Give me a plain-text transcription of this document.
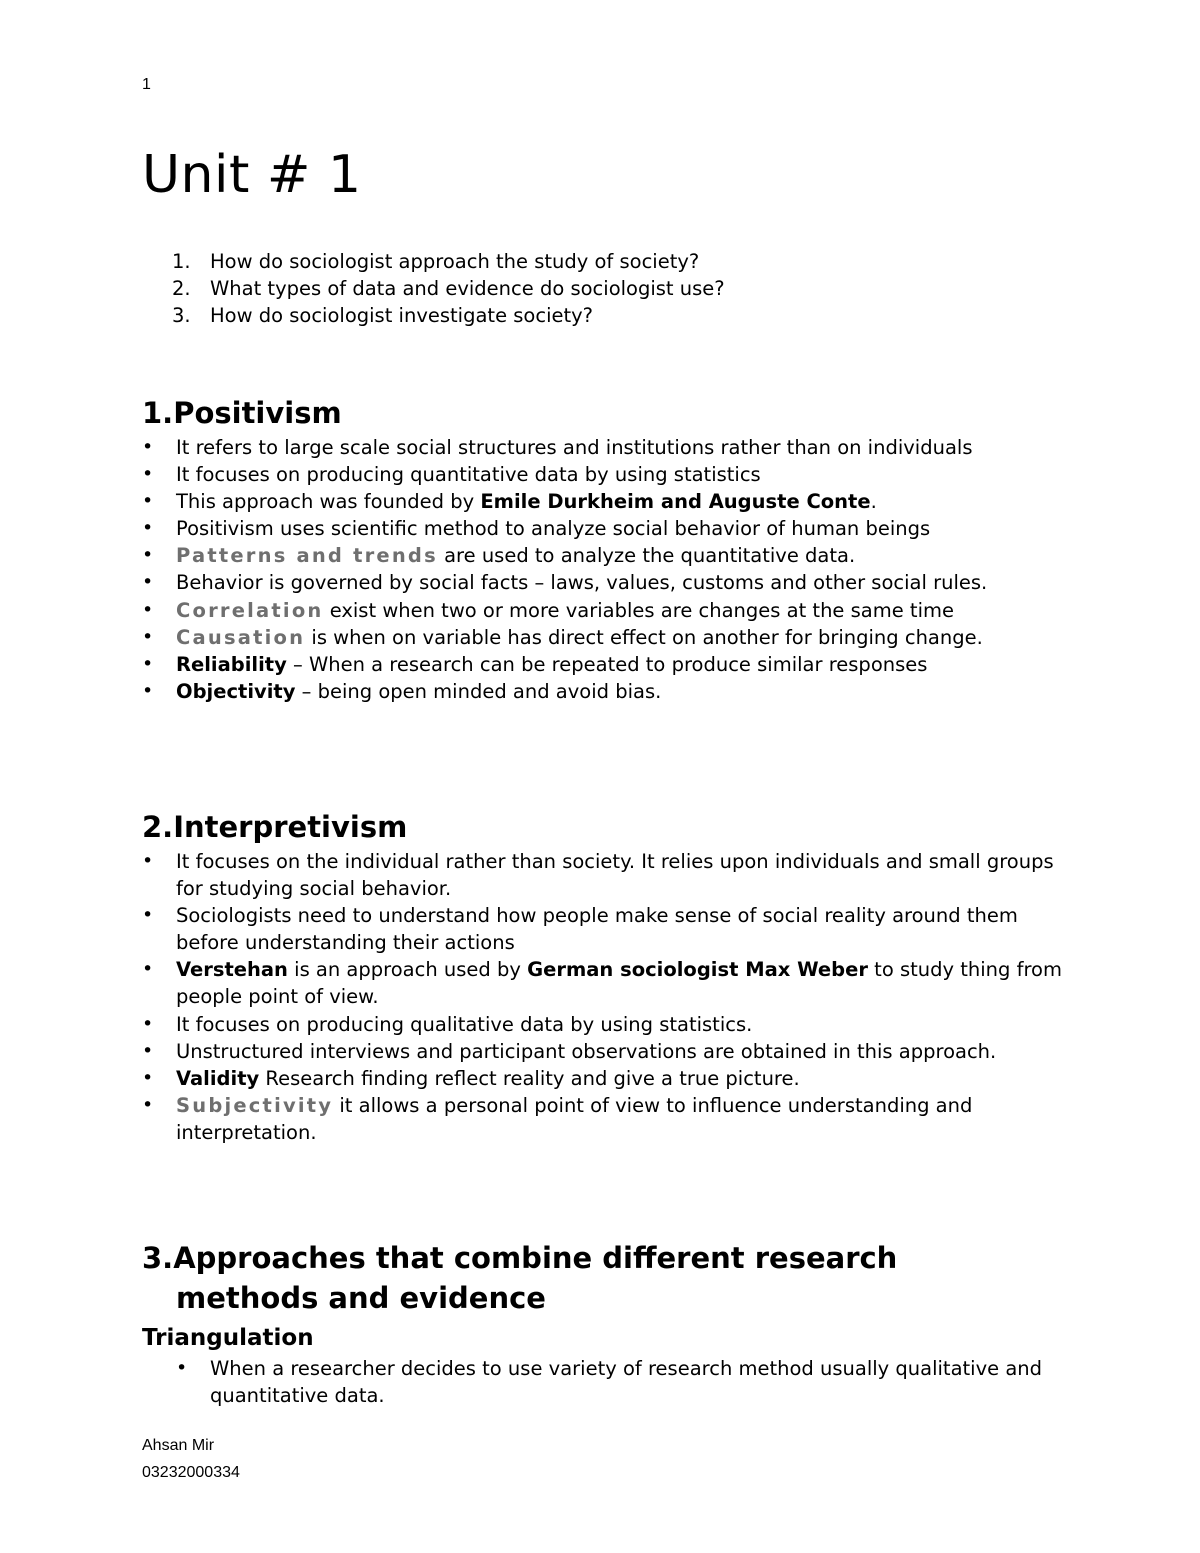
1
Unit # 1
1. How do sociologist approach the study of society?
2. What types of data and evidence do sociologist use?
3. How do sociologist investigate society?
1.Positivism
• It refers to large scale social structures and institutions rather than on individuals
• It focuses on producing quantitative data by using statistics
• This approach was founded by Emile Durkheim and Auguste Conte.
• Positivism uses scientific method to analyze social behavior of human beings
• Patterns and trends are used to analyze the quantitative data.
• Behavior is governed by social facts – laws, values, customs and other social rules.
• Correlation exist when two or more variables are changes at the same time
• Causation is when on variable has direct effect on another for bringing change.
• Reliability – When a research can be repeated to produce similar responses
• Objectivity – being open minded and avoid bias.
2.Interpretivism
• It focuses on the individual rather than society. It relies upon individuals and small groups for studying social behavior.
• Sociologists need to understand how people make sense of social reality around them before understanding their actions
• Verstehan is an approach used by German sociologist Max Weber to study thing from people point of view.
• It focuses on producing qualitative data by using statistics.
• Unstructured interviews and participant observations are obtained in this approach.
• Validity Research finding reflect reality and give a true picture.
• Subjectivity it allows a personal point of view to influence understanding and interpretation.
3.Approaches that combine different research
methods and evidence
Triangulation
• When a researcher decides to use variety of research method usually qualitative and quantitative data.
Ahsan Mir
03232000334
